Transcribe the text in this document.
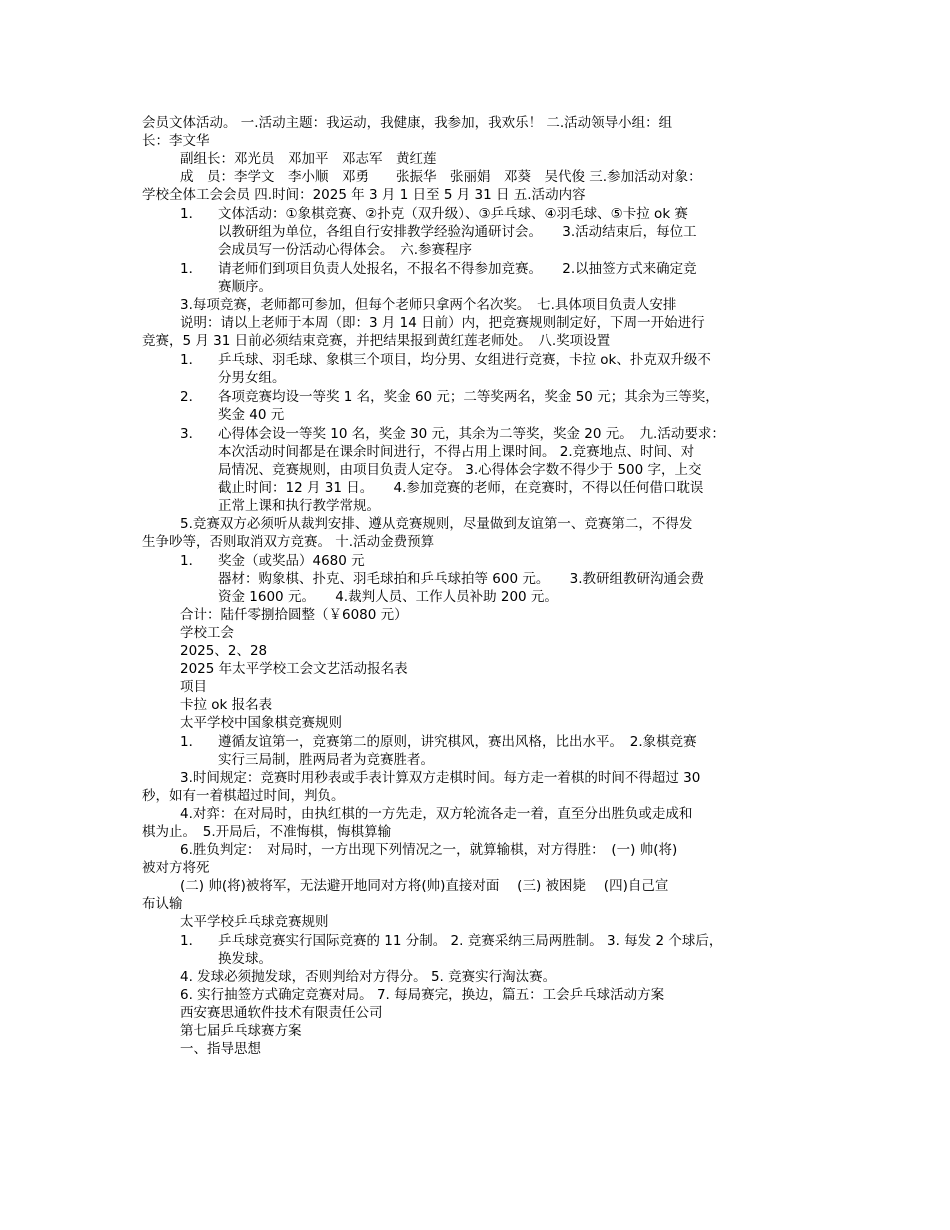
会员文体活动。 一.活动主题：我运动，我健康，我参加，我欢乐！ 二.活动领导小组：组
长：李文华
副组长：邓光员　邓加平　邓志军　黄红莲
成　员：李学文　李小顺　邓勇　　张振华　张丽娟　邓葵　吴代俊 三.参加活动对象：
学校全体工会会员 四.时间：2025 年 3 月 1 日至 5 月 31 日 五.活动内容
1． 文体活动：①象棋竞赛、②扑克（双升级）、③乒乓球、④羽毛球、⑤卡拉 ok 赛
以教研组为单位，各组自行安排教学经验沟通研讨会。　　3.活动结束后，每位工
会成员写一份活动心得体会。　六.参赛程序
1． 请老师们到项目负责人处报名，不报名不得参加竞赛。　　2.以抽签方式来确定竞
赛顺序。
3.每项竞赛，老师都可参加，但每个老师只拿两个名次奖。　七.具体项目负责人安排
说明：请以上老师于本周（即：3 月 14 日前）内，把竞赛规则制定好，下周一开始进行
竞赛，5 月 31 日前必须结束竞赛，并把结果报到黄红莲老师处。　八.奖项设置
1． 乒乓球、羽毛球、象棋三个项目，均分男、女组进行竞赛，卡拉 ok、扑克双升级不
分男女组。
2． 各项竞赛均设一等奖 1 名，奖金 60 元；二等奖两名，奖金 50 元；其余为三等奖，
奖金 40 元
3． 心得体会设一等奖 10 名，奖金 30 元，其余为二等奖，奖金 20 元。　九.活动要求：
本次活动时间都是在课余时间进行，不得占用上课时间。 2.竞赛地点、时间、对
局情况、竞赛规则，由项目负责人定夺。 3.心得体会字数不得少于 500 字，上交
截止时间：12 月 31 日。　　4.参加竞赛的老师，在竞赛时，不得以任何借口耽误
正常上课和执行教学常规。
5.竞赛双方必须听从裁判安排、遵从竞赛规则，尽量做到友谊第一、竞赛第二，不得发
生争吵等，否则取消双方竞赛。 十.活动金费预算
1． 奖金（或奖品）4680 元
器材：购象棋、扑克、羽毛球拍和乒乓球拍等 600 元。　　3.教研组教研沟通会费
资金 1600 元。　　4.裁判人员、工作人员补助 200 元。
合计：陆仟零捌拾圆整（￥6080 元）
学校工会
2025、2、28
2025 年太平学校工会文艺活动报名表
项目
卡拉 ok 报名表
太平学校中国象棋竞赛规则
1． 遵循友谊第一，竞赛第二的原则，讲究棋风，赛出风格，比出水平。　2.象棋竞赛
实行三局制，胜两局者为竞赛胜者。
3.时间规定：竞赛时用秒表或手表计算双方走棋时间。每方走一着棋的时间不得超过 30
秒，如有一着棋超过时间，判负。
4.对弈：在对局时，由执红棋的一方先走，双方轮流各走一着，直至分出胜负或走成和
棋为止。　5.开局后，不准悔棋，悔棋算输
6.胜负判定：　对局时，一方出现下列情况之一，就算输棋，对方得胜：　(一) 帅(将)
被对方将死
(二) 帅(将)被将军，无法避开地同对方将(帅)直接对面　 (三) 被困毙　 (四)自己宣
布认输
太平学校乒乓球竞赛规则
1． 乒乓球竞赛实行国际竞赛的 11 分制。 2. 竞赛采纳三局两胜制。 3. 每发 2 个球后，
换发球。
4. 发球必须抛发球，否则判给对方得分。 5. 竞赛实行淘汰赛。
6. 实行抽签方式确定竞赛对局。 7. 每局赛完，换边，篇五：工会乒乓球活动方案
西安赛思通软件技术有限责任公司
第七届乒乓球赛方案
一、指导思想
